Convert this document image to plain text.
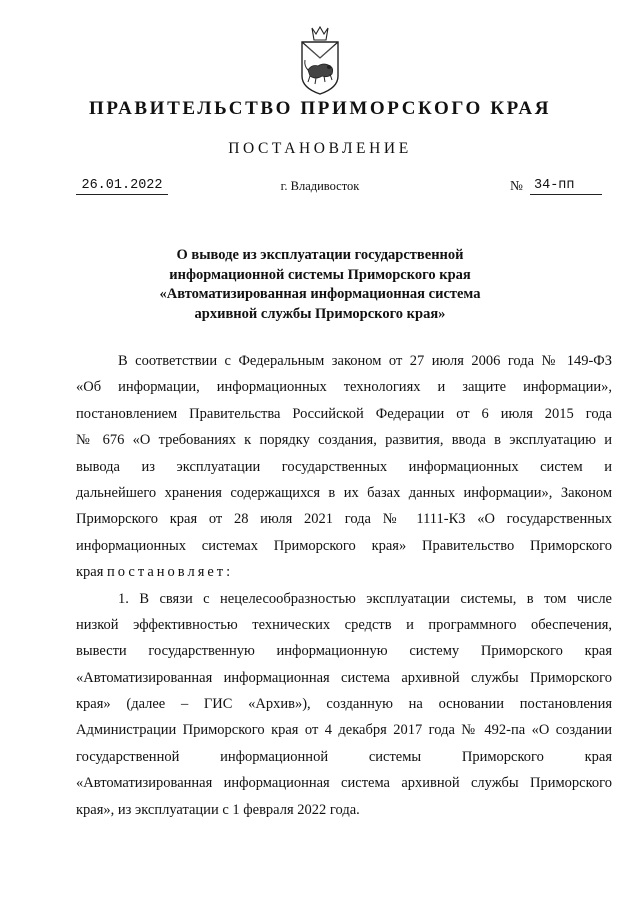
ПРАВИТЕЛЬСТВО ПРИМОРСКОГО КРАЯ
ПОСТАНОВЛЕНИЕ
26.01.2022	г. Владивосток	№ 34-пп
О выводе из эксплуатации государственной
информационной системы Приморского края
«Автоматизированная информационная система
архивной службы Приморского края»
В соответствии с Федеральным законом от 27 июля 2006 года № 149-ФЗ
«Об информации, информационных технологиях и защите информации»,
постановлением Правительства Российской Федерации от 6 июля 2015 года
№ 676 «О требованиях к порядку создания, развития, ввода в эксплуатацию и
вывода из эксплуатации государственных информационных систем и
дальнейшего хранения содержащихся в их базах данных информации», Законом
Приморского края от 28 июля 2021 года № 1111-КЗ «О государственных
информационных системах Приморского края» Правительство Приморского
края постановляет:
1. В связи с нецелесообразностью эксплуатации системы, в том числе
низкой эффективностью технических средств и программного обеспечения,
вывести государственную информационную систему Приморского края
«Автоматизированная информационная система архивной службы Приморского
края» (далее – ГИС «Архив»), созданную на основании постановления
Администрации Приморского края от 4 декабря 2017 года № 492-па «О создании
государственной информационной системы Приморского края
«Автоматизированная информационная система архивной службы Приморского
края», из эксплуатации с 1 февраля 2022 года.
